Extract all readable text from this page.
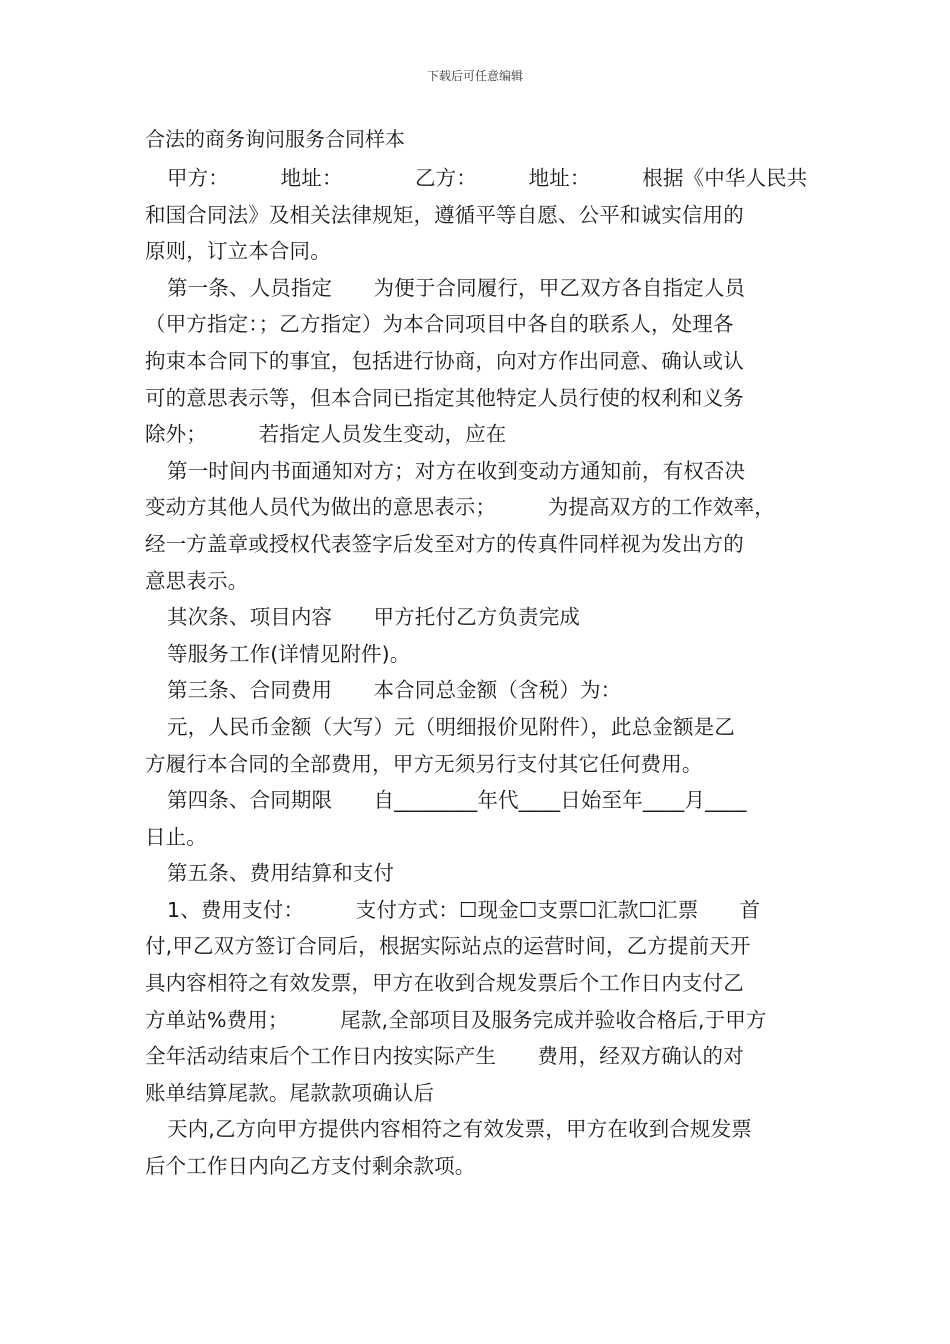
下载后可任意编辑
合法的商务询问服务合同样本

甲方：　　　地址：　　　　乙方：　　　地址：　　　根据《中华人民共

和国合同法》及相关法律规矩，遵循平等自愿、公平和诚实信用的

原则，订立本合同。

第一条、人员指定　　为便于合同履行，甲乙双方各自指定人员

（甲方指定：；乙方指定）为本合同项目中各自的联系人，处理各

拘束本合同下的事宜，包括进行协商，向对方作出同意、确认或认

可的意思表示等，但本合同已指定其他特定人员行使的权利和义务

除外；　　　若指定人员发生变动，应在

第一时间内书面通知对方；对方在收到变动方通知前，有权否决

变动方其他人员代为做出的意思表示；　　　为提高双方的工作效率，

经一方盖章或授权代表签字后发至对方的传真件同样视为发出方的

意思表示。

其次条、项目内容　　甲方托付乙方负责完成

等服务工作(详情见附件)。

第三条、合同费用　　本合同总金额（含税）为：

元，人民币金额（大写）元（明细报价见附件），此总金额是乙

方履行本合同的全部费用，甲方无须另行支付其它任何费用。

第四条、合同期限　　自________年代____日始至年____月____

日止。

第五条、费用结算和支付

1、费用支付：　　　支付方式：☐现金☐支票☐汇款☐汇票　　首

付,甲乙双方签订合同后，根据实际站点的运营时间，乙方提前天开

具内容相符之有效发票，甲方在收到合规发票后个工作日内支付乙

方单站%费用；　　　尾款,全部项目及服务完成并验收合格后,于甲方

全年活动结束后个工作日内按实际产生　　费用，经双方确认的对

账单结算尾款。尾款款项确认后

天内,乙方向甲方提供内容相符之有效发票，甲方在收到合规发票

后个工作日内向乙方支付剩余款项。
